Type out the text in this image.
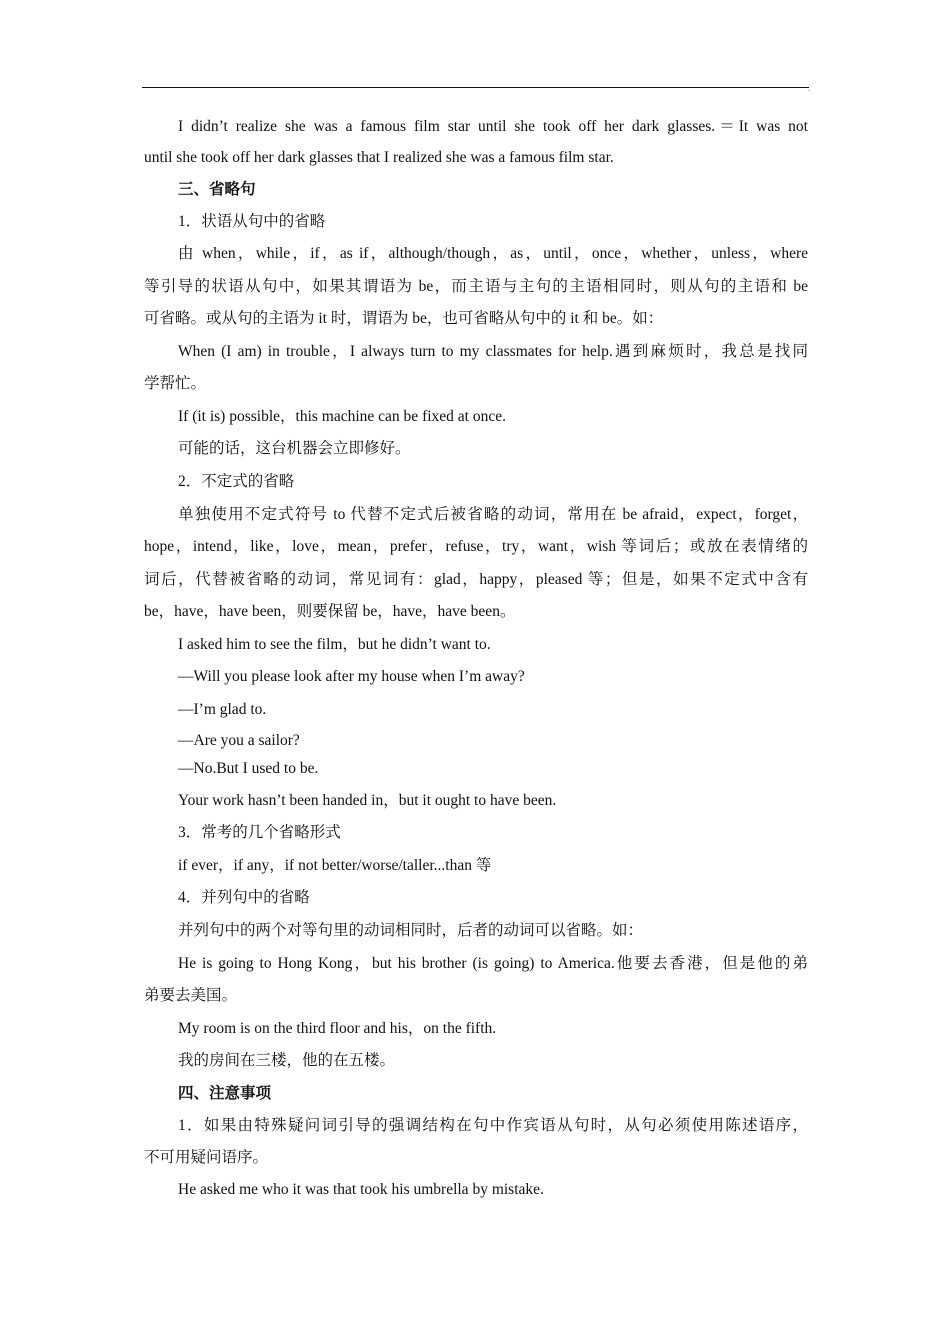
.
I didn’t realize she was a famous film star until she took off her dark glasses.＝It was not
until she took off her dark glasses that I realized she was a famous film star.
三、省略句
1．状语从句中的省略
由 when，while，if，as if，although/though，as，until，once，whether，unless，where
等引导的状语从句中，如果其谓语为 be，而主语与主句的主语相同时，则从句的主语和 be
可省略。或从句的主语为 it 时，谓语为 be，也可省略从句中的 it 和 be。如：
When (I am) in trouble，I always turn to my classmates for help.遇到麻烦时，我总是找同
学帮忙。
If (it is) possible，this machine can be fixed at once.
可能的话，这台机器会立即修好。
2．不定式的省略
单独使用不定式符号 to 代替不定式后被省略的动词，常用在 be afraid，expect，forget，
hope，intend，like，love，mean，prefer，refuse，try，want，wish 等词后；或放在表情绪的
词后，代替被省略的动词，常见词有：glad，happy，pleased 等；但是，如果不定式中含有
be，have，have been，则要保留 be，have，have been。
I asked him to see the film，but he didn’t want to.
—Will you please look after my house when I’m away?
—I’m glad to.
—Are you a sailor?
—No.But I used to be.
Your work hasn’t been handed in，but it ought to have been.
3．常考的几个省略形式
if ever，if any，if not better/worse/taller...than 等
4．并列句中的省略
并列句中的两个对等句里的动词相同时，后者的动词可以省略。如：
He is going to Hong Kong，but his brother (is going) to America.他要去香港，但是他的弟
弟要去美国。
My room is on the third floor and his，on the fifth.
我的房间在三楼，他的在五楼。
四、注意事项
1．如果由特殊疑问词引导的强调结构在句中作宾语从句时，从句必须使用陈述语序，
不可用疑问语序。
He asked me who it was that took his umbrella by mistake.
